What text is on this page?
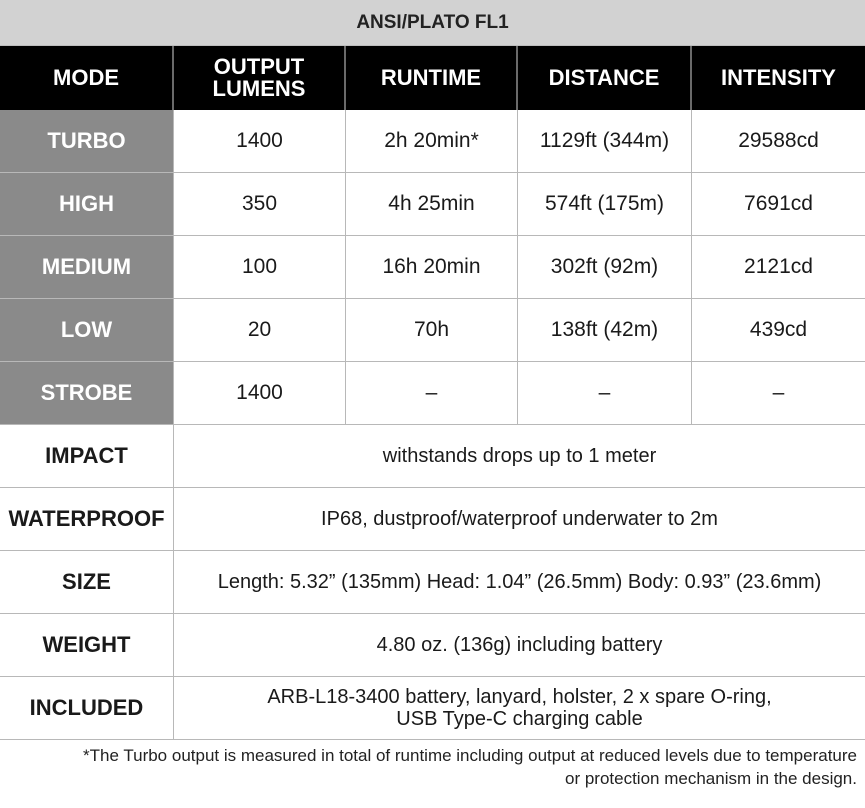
ANSI/PLATO FL1
MODE	OUTPUT LUMENS	RUNTIME	DISTANCE	INTENSITY
TURBO	1400	2h 20min*	1129ft (344m)	29588cd
HIGH	350	4h 25min	574ft (175m)	7691cd
MEDIUM	100	16h 20min	302ft (92m)	2121cd
LOW	20	70h	138ft (42m)	439cd
STROBE	1400	–	–	–
IMPACT	withstands drops up to 1 meter
WATERPROOF	IP68, dustproof/waterproof underwater to 2m
SIZE	Length: 5.32” (135mm) Head: 1.04” (26.5mm) Body: 0.93” (23.6mm)
WEIGHT	4.80 oz. (136g) including battery
INCLUDED	ARB-L18-3400 battery, lanyard, holster, 2 x spare O-ring,
USB Type-C charging cable
*The Turbo output is measured in total of runtime including output at reduced levels due to temperature
or protection mechanism in the design.
